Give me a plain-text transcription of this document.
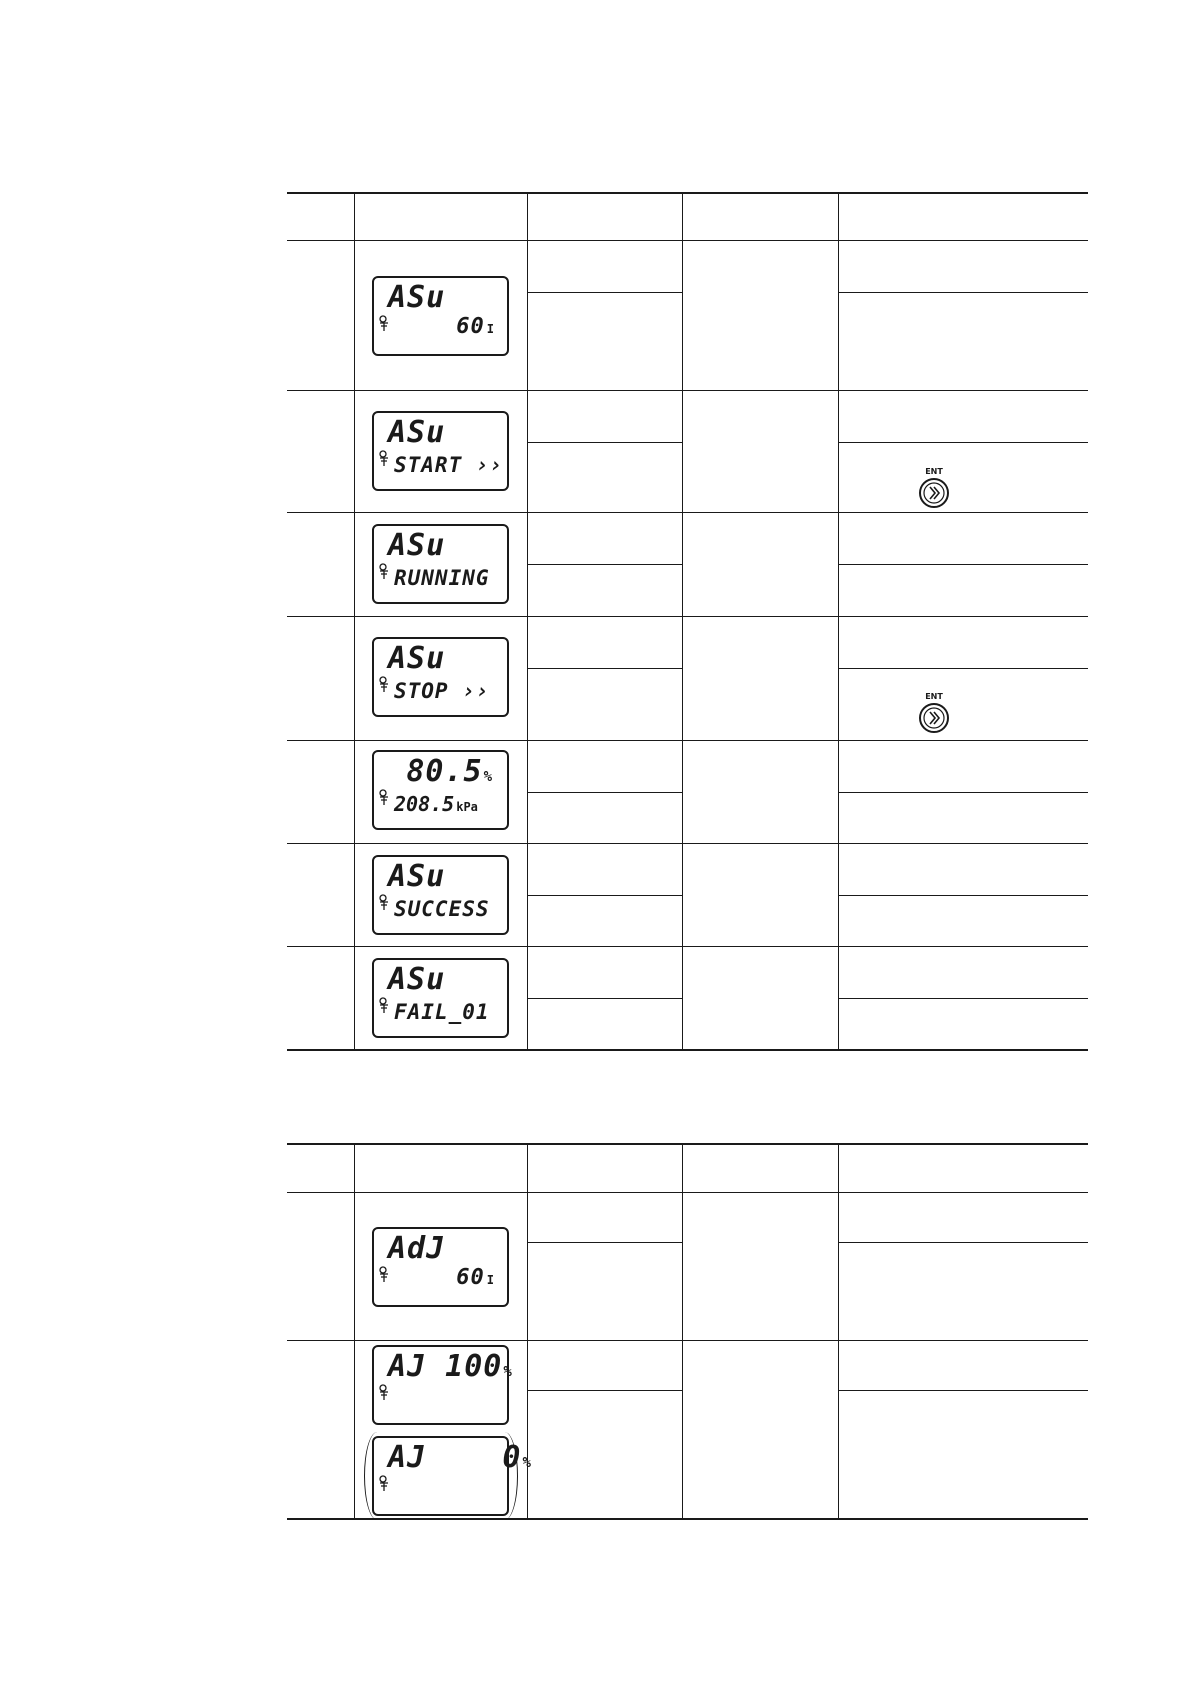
ASu
60 I
ASu
START ››
ASu
RUNNING
ASu
STOP ››
80.5%
208.5 kPa
ASu
SUCCESS
ASu
FAIL_01
ENT
ENT
AdJ
60 I
AJ 100%
AJ    0%
